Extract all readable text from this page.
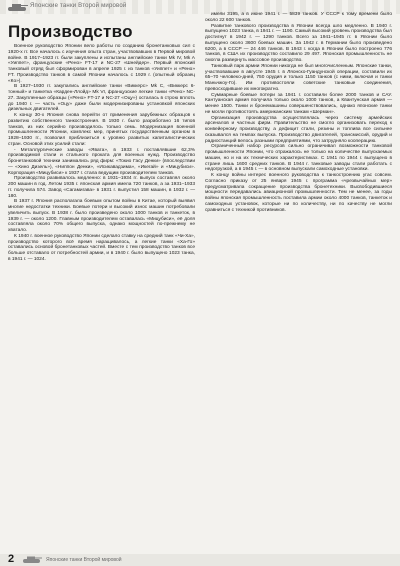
Японские танки Второй мировой
Производство

Военное руководство Японии вело работы по созданию бронетанковых сил с 1920-х гг. Все началось с изучения опыта стран, участвовавших в Первой мировой войне. В 1917–1923 гг. были закуплены и испытаны английские танки Mk IV, Mk A «Уиппет», французские «Рено» FT-17 и NC-27 «Шнейдер». Первый японский танковый отряд был сформирован в апреле 1925 г. из танков «Уиппет» и «Рено» FT. Производство танков в самой Японии началось с 1929 г. (опытный образец «Ко»).

В 1927–1930 гг. закупались английские танки «Виккерс» Mk C, «Виккерс 6-тонный» и танкетка «Карден-Ллойд» Mk VI, французские легкие танки «Рено» NC-27. Закупленные образцы («Рено» FT-17 и NC-27 «Оцу») осталась в строю вплоть до 1940 г. — часть «Оцу» даже были модернизированы установкой японских дизельных двигателей.

К концу 30-х Япония снова перейти от применения зарубежных образцов к развитию собственного танкостроения. В 1930 г. было разработано 16 типов танков, из них серийно производилось только семь. Модернизация военной промышленности Японии, комплекс мер, принятых государственным органом в 1928–1930 гг., позволил приблизиться к уровню развитых капиталистических стран. Основой этих усилий стали:

- Металлургические заводы «Явата», в 1933 г. поставлявшие 62,3% производимой стали и стального проката для военных нужд. Производство бронетанковой техники занимались ряд фирм: «Токио Гасу Денки» (впоследствии — «Хино Дизель»), «Ниппон Денки», «Исикавадзима», «Икегай» и «Мицубиси». Корпорация «Мицубиси» к 1937 г. стала ведущим производителем танков.

Производство развивалось медленно: в 1931–1934 гг. выпуск составлял около 200 машин в год. Летом 1935 г. японская армия имела 720 танков, а за 1931–1933 гг. получила 574. Завод «Сагамигава» в 1931 г. выпустил 158 машин, в 1932 г. — 180.

В 1937 г. Япония располагала боевым опытом войны в Китае, который выявил многие недостатки техники. Боевые потери и высокий износ машин потребовали увеличить выпуск. В 1938 г. было произведено около 1000 танков и танкеток, в 1939 г. — около 1200. Главным производителем оставалась «Мицубиси», её доля составляла около 70% общего выпуска, однако мощностей по-прежнему не хватало.

К 1940 г. военное руководство Японии сделало ставку на средний танк «Чи-Ха», производство которого всё время наращивалось, а легкие танки «Ха-Го» оставались основой бронетанковых частей. Вместе с тем производство танков все больше отставало от потребностей армии, и в 1940 г. было выпущено 1023 танка, в 1941 г. — 1024.

имели 3195, а в июне 1941 г. — 5839 танков. У СССР к тому времени было около 22 600 танков.

Развитие танкового производства в Японии всегда шло медленно. В 1940 г. выпущено 1023 танка, в 1941 г. — 1190. Самый высокий уровень производства был достигнут в 1942 г. — 1290 танков. Всего за 1941–1945 гг. в Японии было выпущено около 3600 боевых машин. За 1942 г. в Германии было произведено 6200, а в СССР — 24 446 танков. В 1943 г. когда в Японии было построено 776 танков, в США их производство составило 29 497. Японская промышленность не смогла развернуть массовое производство.

Танковый парк армии Японии никогда не был многочисленным. Японские танки, участвовавшие в августе 1945 г. в Ляонско-Гуандунской операции, составили их 65–70 человеко-дней, 750 орудия и только 1150 танков (с ними, включая и танки Маньчжоу-Го). Им противостояли советские танковые соединения, превосходившие их многократно.

Суммарные боевые потери за 1941 г. составили более 2000 танков и САУ. Кантуанская армия получила только около 1000 танков, а Квантунская армия — менее 1500. Танки и бронемашины совершенствовались, однако японские танки не могли противостоять американским танкам «Шерман».

Организация производства осуществлялась через систему армейских арсеналов и частных фирм. Правительство не смогло организовать переход к конвейерному производству, а дефицит стали, резины и топлива все сильнее сказывался на темпах выпуска. Производство двигателей, трансмиссий, орудий и радиостанций велось разными предприятиями, что затрудняло кооперацию.

Ограниченный набор ресурсов сильно ограничивал возможности танковой промышленности Японии, что отражалось не только на количестве выпускаемых машин, но и на их технических характеристиках. С 1941 по 1944 г. выпущено в стране лишь 1600 средних танков. В 1944 г. танковые заводы стали работать с недогрузкой, а в 1945 г. — в основном выпускали самоходные установки.

К концу войны интерес военного руководства к танкостроению угас совсем. Согласно приказу от 25 января 1945 г. программа «чрезвычайных мер» предусматривала сокращение производства бронетехники. Высвободившиеся мощности передавались авиационной промышленности. Тем не менее, за годы войны японская промышленность поставила армии около 4000 танков, танкеток и самоходных установок, которые ни по количеству, ни по качеству не могли сравниться с техникой противников.

2	Японские танки Второй мировой
